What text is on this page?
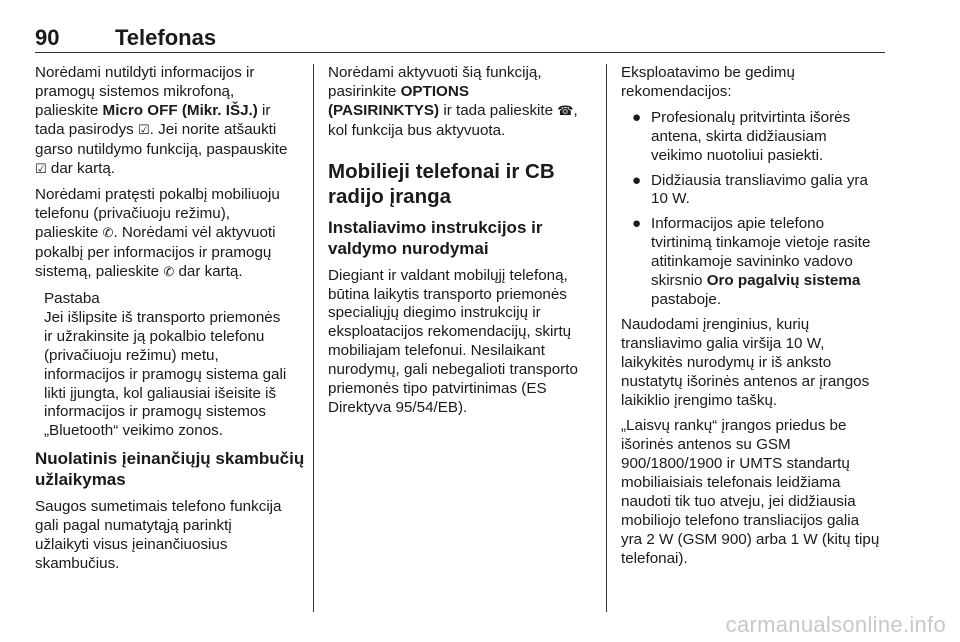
90	Telefonas

Norėdami nutildyti informacijos ir
pramogų sistemos mikrofoną,
palieskite Micro OFF (Mikr. IŠJ.) ir
tada pasirodys ☑. Jei norite atšaukti
garso nutildymo funkciją, paspauskite
☑ dar kartą.

Norėdami pratęsti pokalbį mobiliuoju
telefonu (privačiuoju režimu),
palieskite ✆. Norėdami vėl aktyvuoti
pokalbį per informacijos ir pramogų
sistemą, palieskite ✆ dar kartą.

Pastaba
Jei išlipsite iš transporto priemonės
ir užrakinsite ją pokalbio telefonu
(privačiuoju režimu) metu,
informacijos ir pramogų sistema gali
likti įjungta, kol galiausiai išeisite iš
informacijos ir pramogų sistemos
„Bluetooth“ veikimo zonos.
Nuolatinis įeinančiųjų skambučių
užlaikymas

Saugos sumetimais telefono funkcija
gali pagal numatytąją parinktį
užlaikyti visus įeinančiuosius
skambučius.

Norėdami aktyvuoti šią funkciją,
pasirinkite OPTIONS
(PASIRINKTYS) ir tada palieskite ☎,
kol funkcija bus aktyvuota.

Mobilieji telefonai ir CB
radijo įranga
Instaliavimo instrukcijos ir
valdymo nurodymai

Diegiant ir valdant mobilųjį telefoną,
būtina laikytis transporto priemonės
specialiųjų diegimo instrukcijų ir
eksploatacijos rekomendacijų, skirtų
mobiliajam telefonui. Nesilaikant
nurodymų, gali nebegalioti transporto
priemonės tipo patvirtinimas (ES
Direktyva 95/54/EB).

Eksploatavimo be gedimų
rekomendacijos:

● Profesionalų pritvirtinta išorės
antena, skirta didžiausiam
veikimo nuotoliui pasiekti.
● Didžiausia transliavimo galia yra
10 W.
● Informacijos apie telefono
tvirtinimą tinkamoje vietoje rasite
atitinkamoje savininko vadovo
skirsnio Oro pagalvių sistema
pastaboje.

Naudodami įrenginius, kurių
transliavimo galia viršija 10 W,
laikykitės nurodymų ir iš anksto
nustatytų išorinės antenos ar įrangos
laikiklio įrengimo taškų.

„Laisvų rankų“ įrangos priedus be
išorinės antenos su GSM
900/1800/1900 ir UMTS standartų
mobiliaisiais telefonais leidžiama
naudoti tik tuo atveju, jei didžiausia
mobiliojo telefono transliacijos galia
yra 2 W (GSM 900) arba 1 W (kitų tipų
telefonai).

carmanualsonline.info
